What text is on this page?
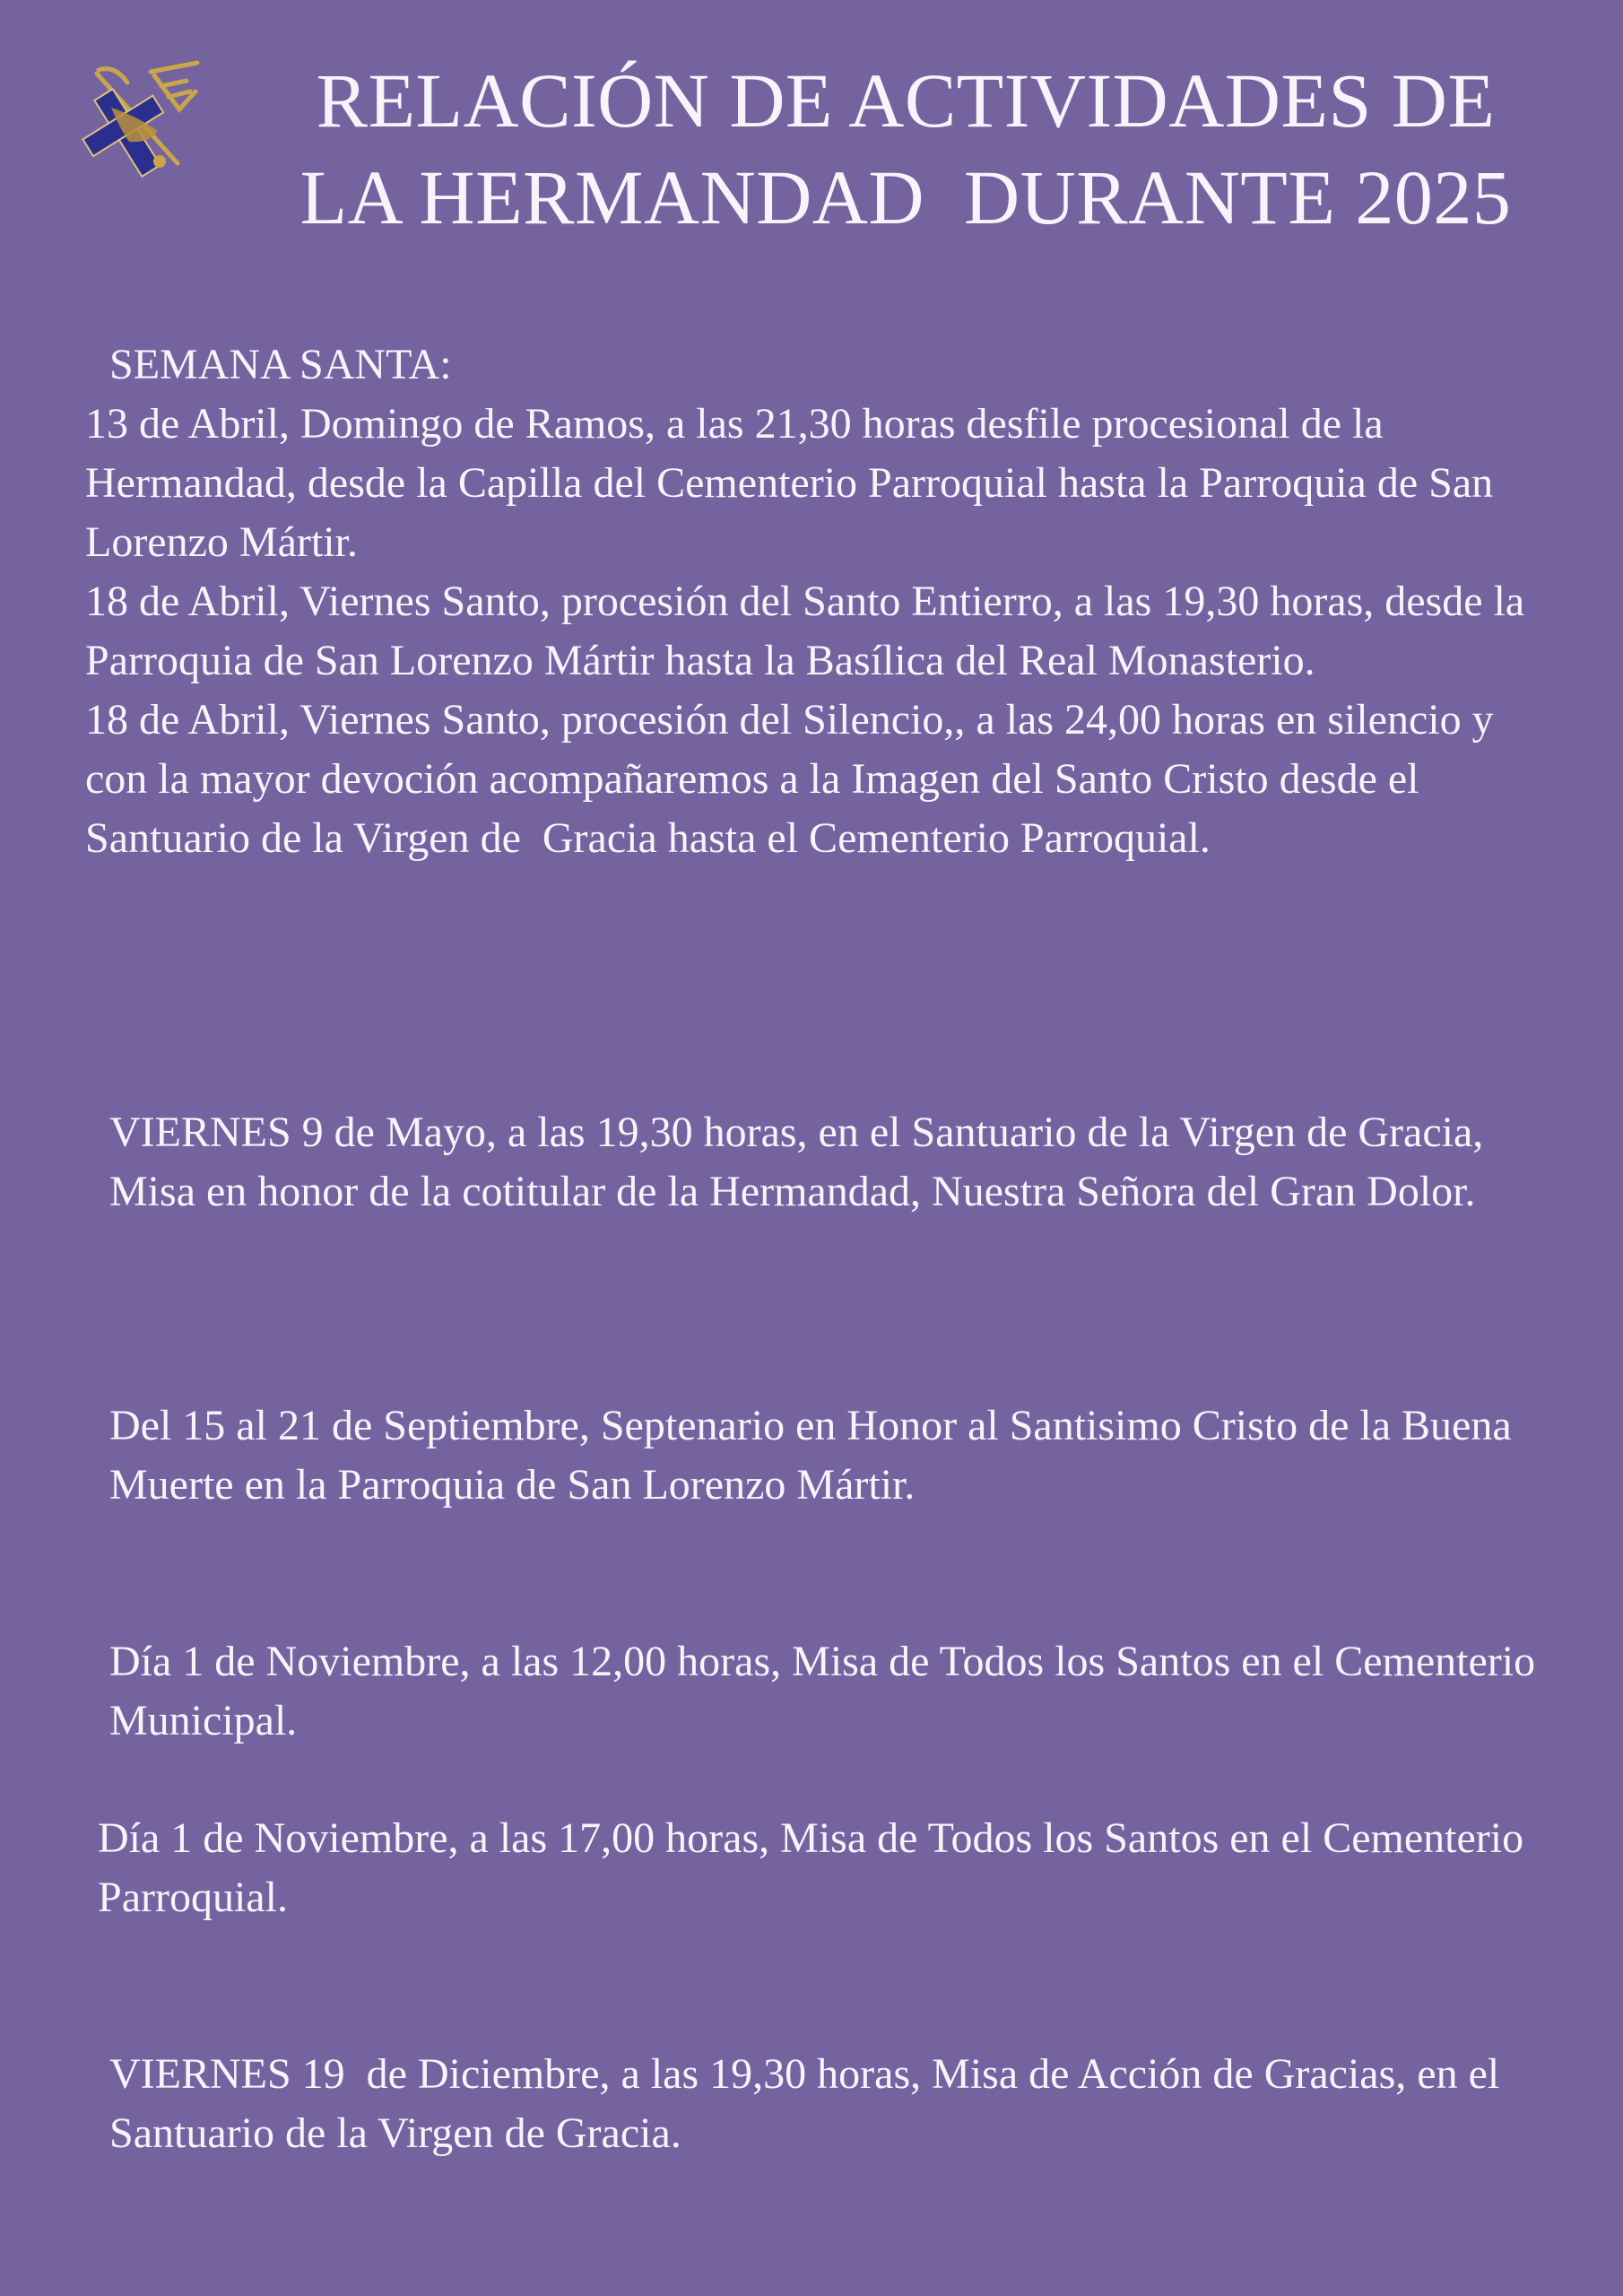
RELACIÓN DE ACTIVIDADES DE
LA HERMANDAD  DURANTE 2025

SEMANA SANTA:

13 de Abril, Domingo de Ramos, a las 21,30 horas desfile procesional de la Hermandad, desde la Capilla del Cementerio Parroquial hasta la Parroquia de San Lorenzo Mártir.

18 de Abril, Viernes Santo, procesión del Santo Entierro, a las 19,30 horas, desde la Parroquia de San Lorenzo Mártir hasta la Basílica del Real Monasterio.

18 de Abril, Viernes Santo, procesión del Silencio,, a las 24,00 horas en silencio y con la mayor devoción acompañaremos a la Imagen del Santo Cristo desde el Santuario de la Virgen de  Gracia hasta el Cementerio Parroquial.

VIERNES 9 de Mayo, a las 19,30 horas, en el Santuario de la Virgen de Gracia, Misa en honor de la cotitular de la Hermandad, Nuestra Señora del Gran Dolor.

Del 15 al 21 de Septiembre, Septenario en Honor al Santisimo Cristo de la Buena Muerte en la Parroquia de San Lorenzo Mártir.

Día 1 de Noviembre, a las 12,00 horas, Misa de Todos los Santos en el Cementerio Municipal.

Día 1 de Noviembre, a las 17,00 horas, Misa de Todos los Santos en el Cementerio Parroquial.

VIERNES 19  de Diciembre, a las 19,30 horas, Misa de Acción de Gracias, en el Santuario de la Virgen de Gracia.
